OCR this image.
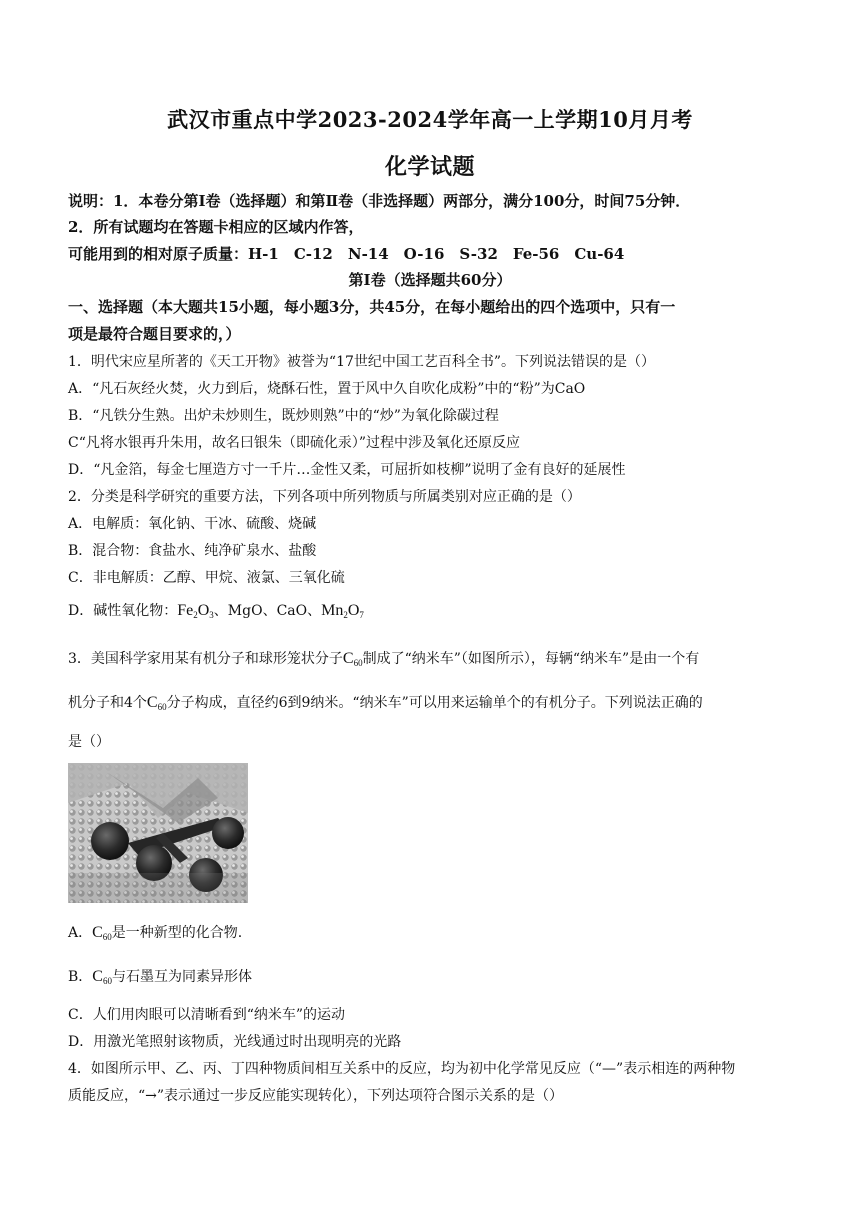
武汉市重点中学2023-2024学年高一上学期10月月考
化学试题
说明：1．本卷分第Ⅰ卷（选择题）和第Ⅱ卷（非选择题）两部分，满分100分，时间75分钟．
2．所有试题均在答题卡相应的区域内作答，
可能用到的相对原子质量：H-1　C-12　N-14　O-16　S-32　Fe-56　Cu-64
第Ⅰ卷（选择题共60分）
一、选择题（本大题共15小题，每小题3分，共45分，在每小题给出的四个选项中，只有一
项是最符合题目要求的，）
1．明代宋应星所著的《天工开物》被誉为“17世纪中国工艺百科全书”。下列说法错误的是（）
A．“凡石灰经火焚，火力到后，烧酥石性，置于风中久自吹化成粉”中的“粉”为CaO
B．“凡铁分生熟。出炉未炒则生，既炒则熟”中的“炒”为氧化除碳过程
C“凡将水银再升朱用，故名曰银朱（即硫化汞）”过程中涉及氧化还原反应
D．“凡金箔，每金七厘造方寸一千片…金性又柔，可屈折如枝柳”说明了金有良好的延展性
2．分类是科学研究的重要方法，下列各项中所列物质与所属类别对应正确的是（）
A．电解质：氧化钠、干冰、硫酸、烧碱
B．混合物：食盐水、纯净矿泉水、盐酸
C．非电解质：乙醇、甲烷、液氯、三氧化硫
D．碱性氧化物：$Fe_2O_3$、MgO、CaO、$Mn_2O_7$
3．美国科学家用某有机分子和球形笼状分子$C_{60}$制成了“纳米车”（如图所示），每辆“纳米车”是由一个有
机分子和4个$C_{60}$分子构成，直径约6到9纳米。“纳米车”可以用来运输单个的有机分子。下列说法正确的
是（）
A．$C_{60}$是一种新型的化合物.
B．$C_{60}$与石墨互为同素异形体
C．人们用肉眼可以清晰看到“纳米车”的运动
D．用激光笔照射该物质，光线通过时出现明亮的光路
4．如图所示甲、乙、丙、丁四种物质间相互关系中的反应，均为初中化学常见反应（“—”表示相连的两种物
质能反应，“→”表示通过一步反应能实现转化），下列达项符合图示关系的是（）
